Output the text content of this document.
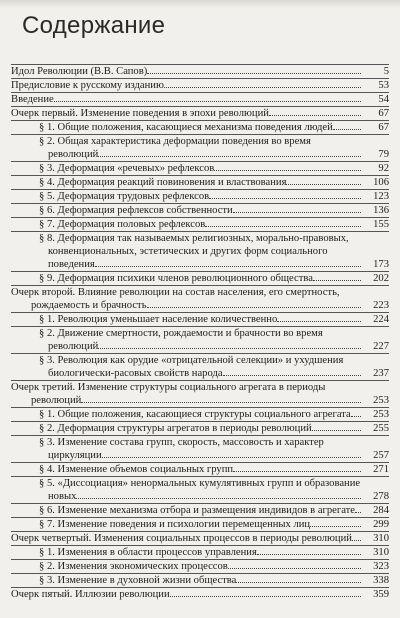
Содержание
Идол Революции (В.В. Сапов)	5
Предисловие к русскому изданию	53
Введение	54
Очерк первый. Изменение поведения в эпохи революций	67
§ 1. Общие положения, касающиеся механизма поведения людей	67
§ 2. Общая характеристика деформации поведения во время революций	79
§ 3. Деформация «речевых» рефлексов	92
§ 4. Деформация реакций повиновения и властвования	106
§ 5. Деформация трудовых рефлексов	123
§ 6. Деформация рефлексов собственности	136
§ 7. Деформация половых рефлексов	155
§ 8. Деформация так называемых религиозных, морально-правовых, конвенциональных, эстетических и других форм социального поведения	173
§ 9. Деформация психики членов революционного общества	202
Очерк второй. Влияние революции на состав населения, его смертность, рождаемость и брачность	223
§ 1. Революция уменьшает население количественно	224
§ 2. Движение смертности, рождаемости и брачности во время революций	227
§ 3. Революция как орудие «отрицательной селекции» и ухудшения биологически-расовых свойств народа	237
Очерк третий. Изменение структуры социального агрегата в периоды революций	253
§ 1. Общие положения, касающиеся структуры социального агрегата	253
§ 2. Деформация структуры агрегатов в периоды революций	255
§ 3. Изменение состава групп, скорость, массовость и характер циркуляции	257
§ 4. Изменение объемов социальных групп	271
§ 5. «Диссоциация» ненормальных кумулятивных групп и образование новых	278
§ 6. Изменение механизма отбора и размещения индивидов в агрегате	284
§ 7. Изменение поведения и психологии перемещенных лиц	299
Очерк четвертый. Изменения социальных процессов в периоды революций	310
§ 1. Изменения в области процессов управления	310
§ 2. Изменения экономических процессов	323
§ 3. Изменение в духовной жизни общества	338
Очерк пятый. Иллюзии революции	359
